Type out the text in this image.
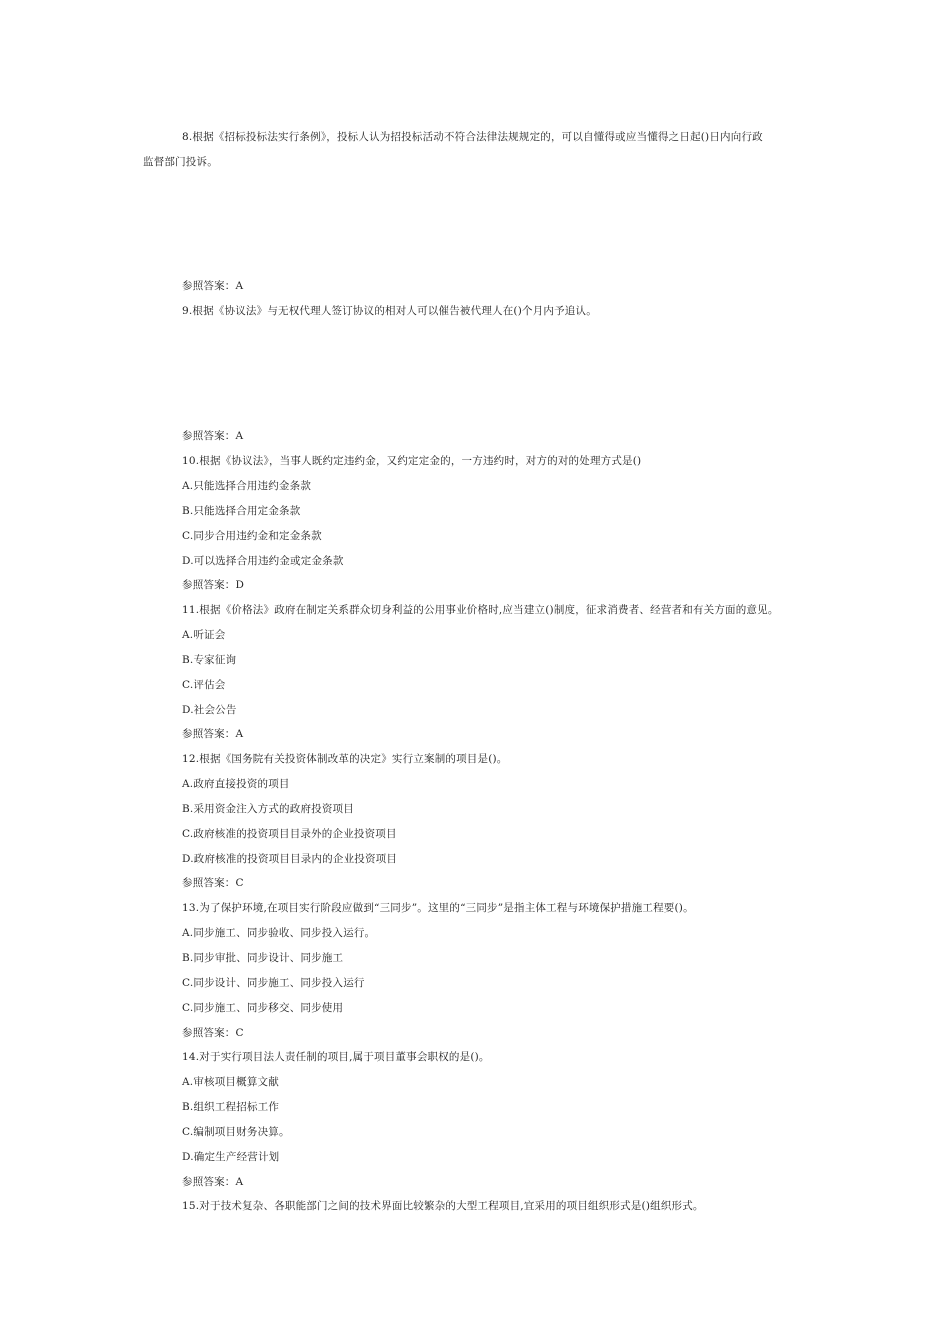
8.根据《招标投标法实行条例》，投标人认为招投标活动不符合法律法规规定的，可以自懂得或应当懂得之日起()日内向行政
监督部门投诉。
参照答案：A
9.根据《协议法》与无权代理人签订协议的相对人可以催告被代理人在()个月内予追认。
参照答案：A
10.根据《协议法》，当事人既约定违约金，又约定定金的，一方违约时，对方的对的处理方式是()
A.只能选择合用违约金条款
B.只能选择合用定金条款
C.同步合用违约金和定金条款
D.可以选择合用违约金或定金条款
参照答案：D
11.根据《价格法》政府在制定关系群众切身利益的公用事业价格时,应当建立()制度，征求消费者、经营者和有关方面的意见。
A.听证会
B.专家征询
C.评估会
D.社会公告
参照答案：A
12.根据《国务院有关投资体制改革的决定》实行立案制的项目是()。
A.政府直接投资的项目
B.采用资金注入方式的政府投资项目
C.政府核准的投资项目目录外的企业投资项目
D.政府核准的投资项目目录内的企业投资项目
参照答案：C
13.为了保护环境,在项目实行阶段应做到“三同步”。这里的“三同步”是指主体工程与环境保护措施工程要()。
A.同步施工、同步验收、同步投入运行。
B.同步审批、同步设计、同步施工
C.同步设计、同步施工、同步投入运行
C.同步施工、同步移交、同步使用
参照答案：C
14.对于实行项目法人责任制的项目,属于项目董事会职权的是()。
A.审核项目概算文献
B.组织工程招标工作
C.编制项目财务决算。
D.确定生产经营计划
参照答案：A
15.对于技术复杂、各职能部门之间的技术界面比较繁杂的大型工程项目,宜采用的项目组织形式是()组织形式。
